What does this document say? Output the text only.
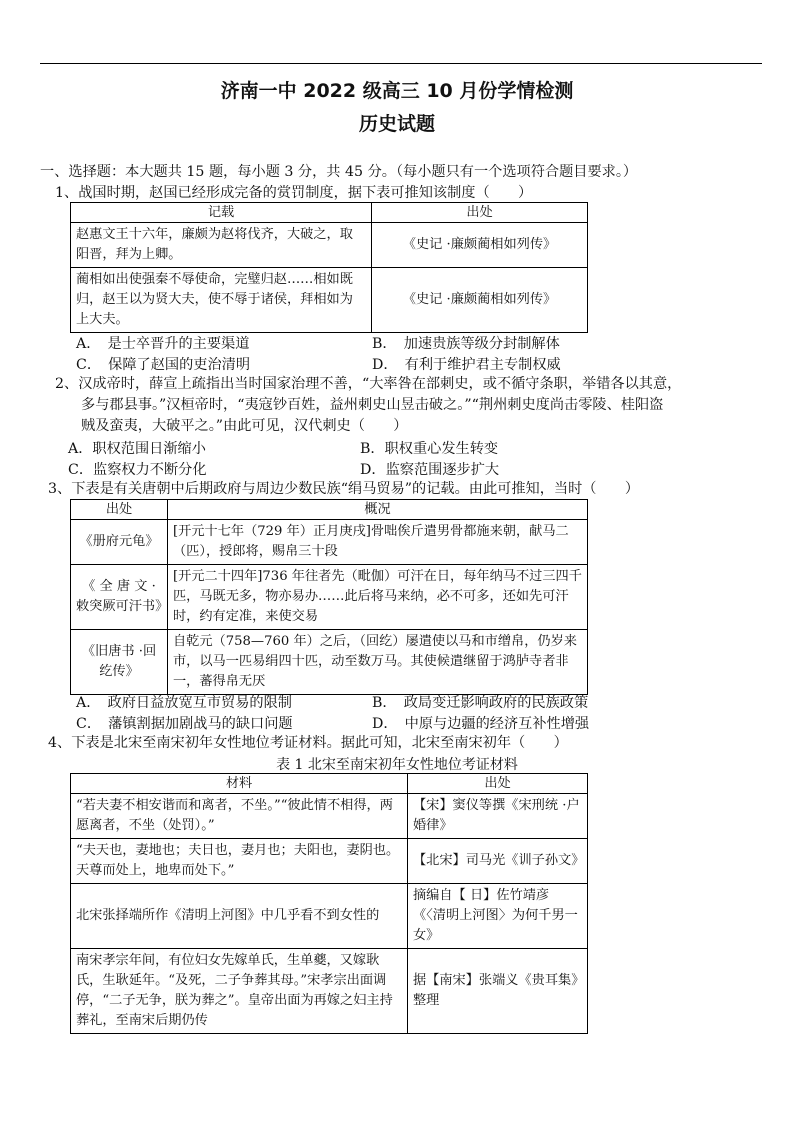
济南一中 2022 级高三 10 月份学情检测
历史试题
一、选择题：本大题共 15 题，每小题 3 分，共 45 分。（每小题只有一个选项符合题目要求。）
1、战国时期，赵国已经形成完备的赏罚制度，据下表可推知该制度（　　）
记载	出处
赵惠文王十六年，廉颇为赵将伐齐，大破之，取阳晋，拜为上卿。	《史记 ·廉颇蔺相如列传》
蔺相如出使强秦不辱使命，完璧归赵……相如既归，赵王以为贤大夫，使不辱于诸侯，拜相如为上大夫。	《史记 ·廉颇蔺相如列传》
A．　是士卒晋升的主要渠道	B．　加速贵族等级分封制解体
C．　保障了赵国的吏治清明	D．　有利于维护君主专制权威
2、汉成帝时，薛宣上疏指出当时国家治理不善，“大率咎在部刺史，或不循守条职，举错各以其意，
多与郡县事。”汉桓帝时，“夷寇钞百姓，益州刺史山昱击破之。”“荆州刺史度尚击零陵、桂阳盗
贼及蛮夷，大破平之。”由此可见，汉代刺史（　　）
A．职权范围日渐缩小	B．职权重心发生转变
C．监察权力不断分化	D．监察范围逐步扩大
3、下表是有关唐朝中后期政府与周边少数民族“绢马贸易”的记载。由此可推知，当时（　　）
出处	概况
《册府元龟》	[开元十七年（729 年）正月庚戌]骨咄俟斤遣男骨都施来朝，献马二（匹），授郎将，赐帛三十段
《 全 唐 文 ·敕突厥可汗书》	[开元二十四年]736 年往者先（毗伽）可汗在日，每年纳马不过三四千匹，马既无多，物亦易办……此后将马来纳，必不可多，还如先可汗时，约有定准，来使交易
《旧唐书 ·回纥传》	自乾元（758—760 年）之后，（回纥）屡遣使以马和市缯帛，仍岁来市，以马一匹易绢四十匹，动至数万马。其使候遣继留于鸿胪寺者非一，蕃得帛无厌
A．　政府日益放宽互市贸易的限制	B．　政局变迁影响政府的民族政策
C．　藩镇割据加剧战马的缺口问题	D．　中原与边疆的经济互补性增强
4、下表是北宋至南宋初年女性地位考证材料。据此可知，北宋至南宋初年（　　）
表 1 北宋至南宋初年女性地位考证材料
材料	出处
“若夫妻不相安谐而和离者，不坐。”“彼此情不相得，两愿离者，不坐（处罚）。”	【宋】窦仪等撰《宋刑统 ·户婚律》
“夫天也，妻地也；夫日也，妻月也；夫阳也，妻阴也。天尊而处上，地卑而处下。”	【北宋】司马光《训子孙文》
北宋张择端所作《清明上河图》中几乎看不到女性的	摘编自【 日】佐竹靖彦《〈清明上河图〉为何千男一女》
南宋孝宗年间，有位妇女先嫁单氏，生单夔，又嫁耿氏，生耿延年。“及死，二子争葬其母。”宋孝宗出面调停，“二子无争，朕为葬之”。皇帝出面为再嫁之妇主持葬礼，至南宋后期仍传	据【南宋】张端义《贵耳集》整理
